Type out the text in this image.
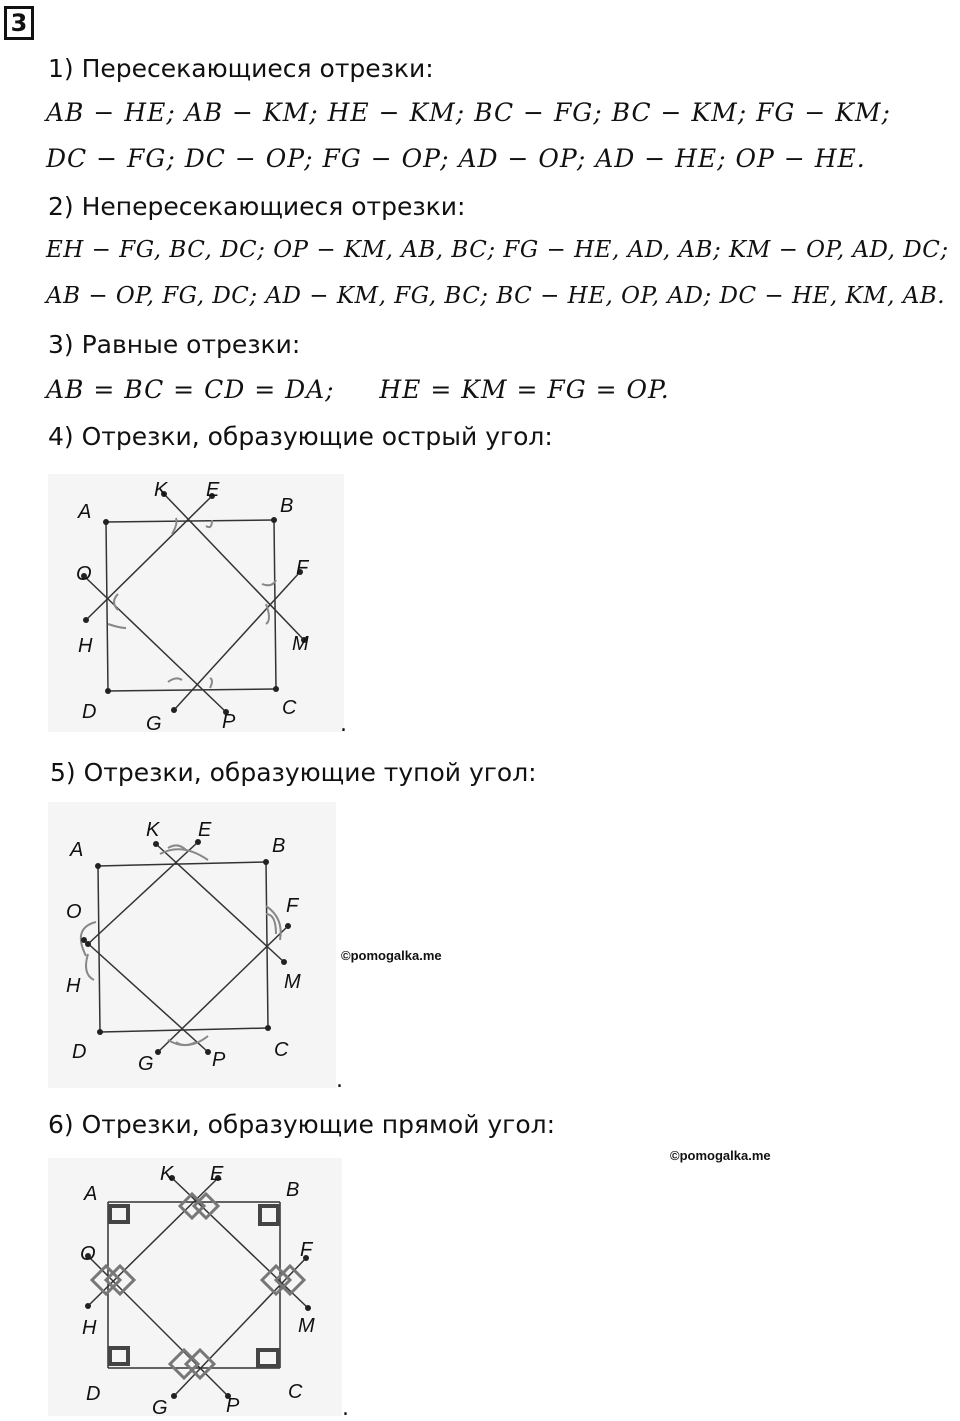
3
1) Пересекающиеся отрезки:
AB − HE; AB − KM; HE − KM; BC − FG; BC − KM; FG − KM;
DC − FG; DC − OP; FG − OP; AD − OP; AD − HE; OP − HE.
2) Непересекающиеся отрезки:
EH − FG, BC, DC; OP − KM, AB, BC; FG − HE, AD, AB; KM − OP, AD, DC;
AB − OP, FG, DC; AD − KM, FG, BC; BC − HE, OP, AD; DC − HE, KM, AB.
3) Равные отрезки:
AB = BC = CD = DA;     HE = KM = FG = OP.
4) Отрезки, образующие острый угол:
A	B
C
D
K E
F
M
O
H
G	P	.
5) Отрезки, образующие тупой угол:
A	B
C
D
K E
F
M
O
H
G	P
©pomogalka.me
.
6) Отрезки, образующие прямой угол:
©pomogalka.me
A	B
C
D
K E
F
M
O
H
G	P	.
